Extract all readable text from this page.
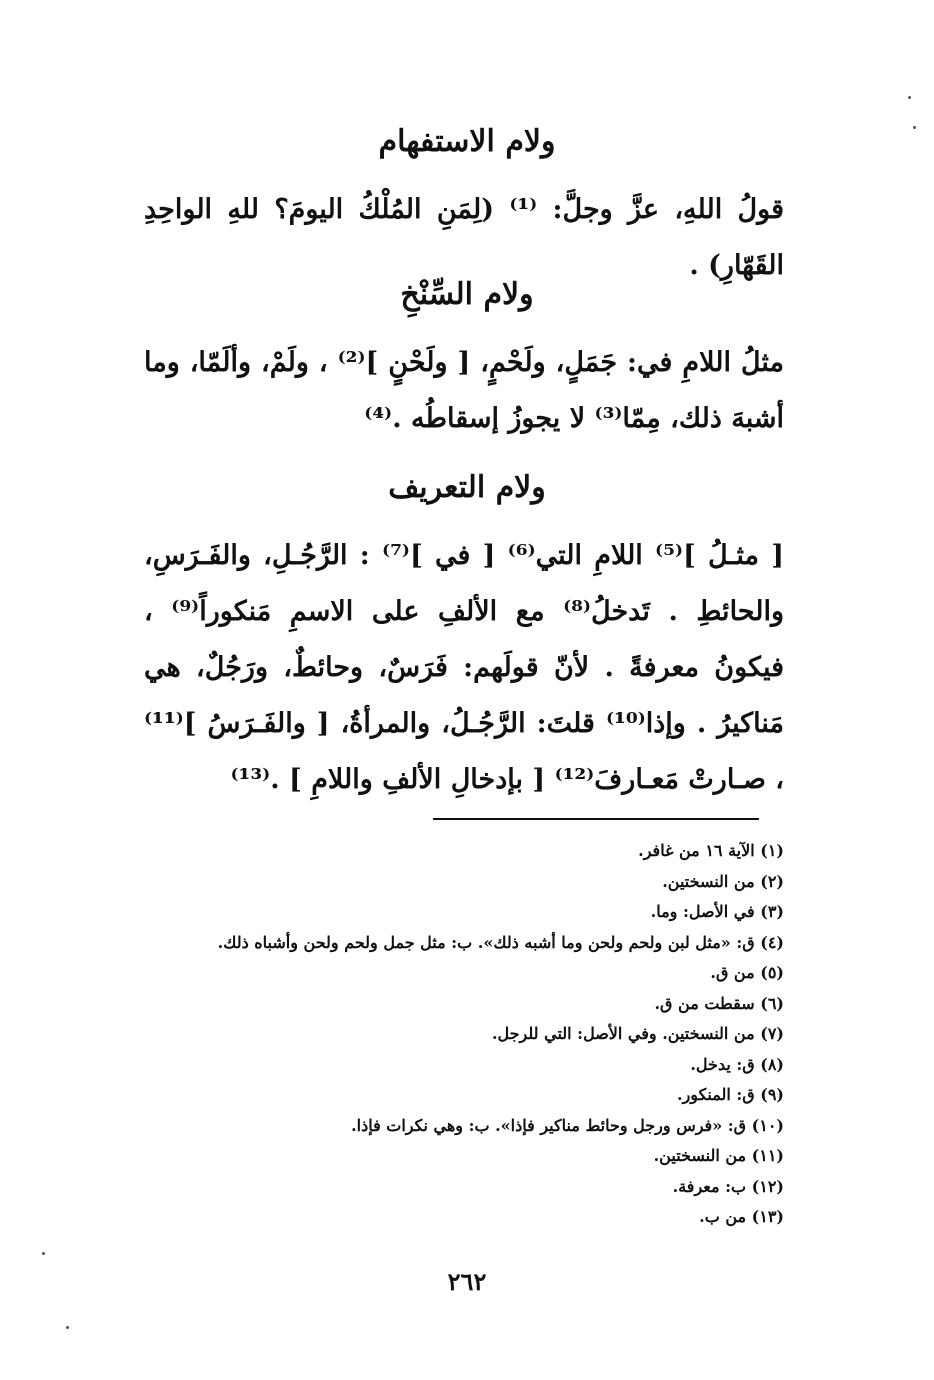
ولام الاستفهام

قولُ اللهِ، عزَّ وجلَّ: ⁽¹⁾ (لِمَنِ المُلْكُ اليومَ؟ للهِ الواحِدِ القَهّارِ) .

ولام السِّنْخِ

مثلُ اللامِ في: جَمَلٍ، ولَحْمٍ، [ ولَحْنٍ ]⁽²⁾ ، ولَمْ، وألَمّا، وما أشبهَ ذلك، مِمّا⁽³⁾ لا يجوزُ إسقاطُه .⁽⁴⁾

ولام التعريف

[ مثـلُ ]⁽⁵⁾ اللامِ التي⁽⁶⁾ [ في ]⁽⁷⁾ : الرَّجُـلِ، والفَـرَسِ، والحائطِ . تَدخلُ⁽⁸⁾ مع الألفِ على الاسمِ مَنكوراً⁽⁹⁾ ، فيكونُ معرفةً . لأنّ قولَهم: فَرَسٌ، وحائطٌ، ورَجُلٌ، هي مَناكيرُ . وإذا⁽¹⁰⁾ قلتَ: الرَّجُـلُ، والمرأةُ، [ والفَـرَسُ ]⁽¹¹⁾ ، صـارتْ مَعـارفَ⁽¹²⁾ [ بإدخالِ الألفِ واللامِ ] .⁽¹³⁾

(١) الآية ١٦ من غافر.
(٢) من النسختين.
(٣) في الأصل: وما.
(٤) ق: «مثل لبن ولحم ولحن وما أشبه ذلك». ب: مثل جمل ولحم ولحن وأشباه ذلك.
(٥) من ق.
(٦) سقطت من ق.
(٧) من النسختين. وفي الأصل: التي للرجل.
(٨) ق: يدخل.
(٩) ق: المنكور.
(١٠) ق: «فرس ورجل وحائط مناكير فإذا». ب: وهي نكرات فإذا.
(١١) من النسختين.
(١٢) ب: معرفة.
(١٣) من ب.
٢٦٢
